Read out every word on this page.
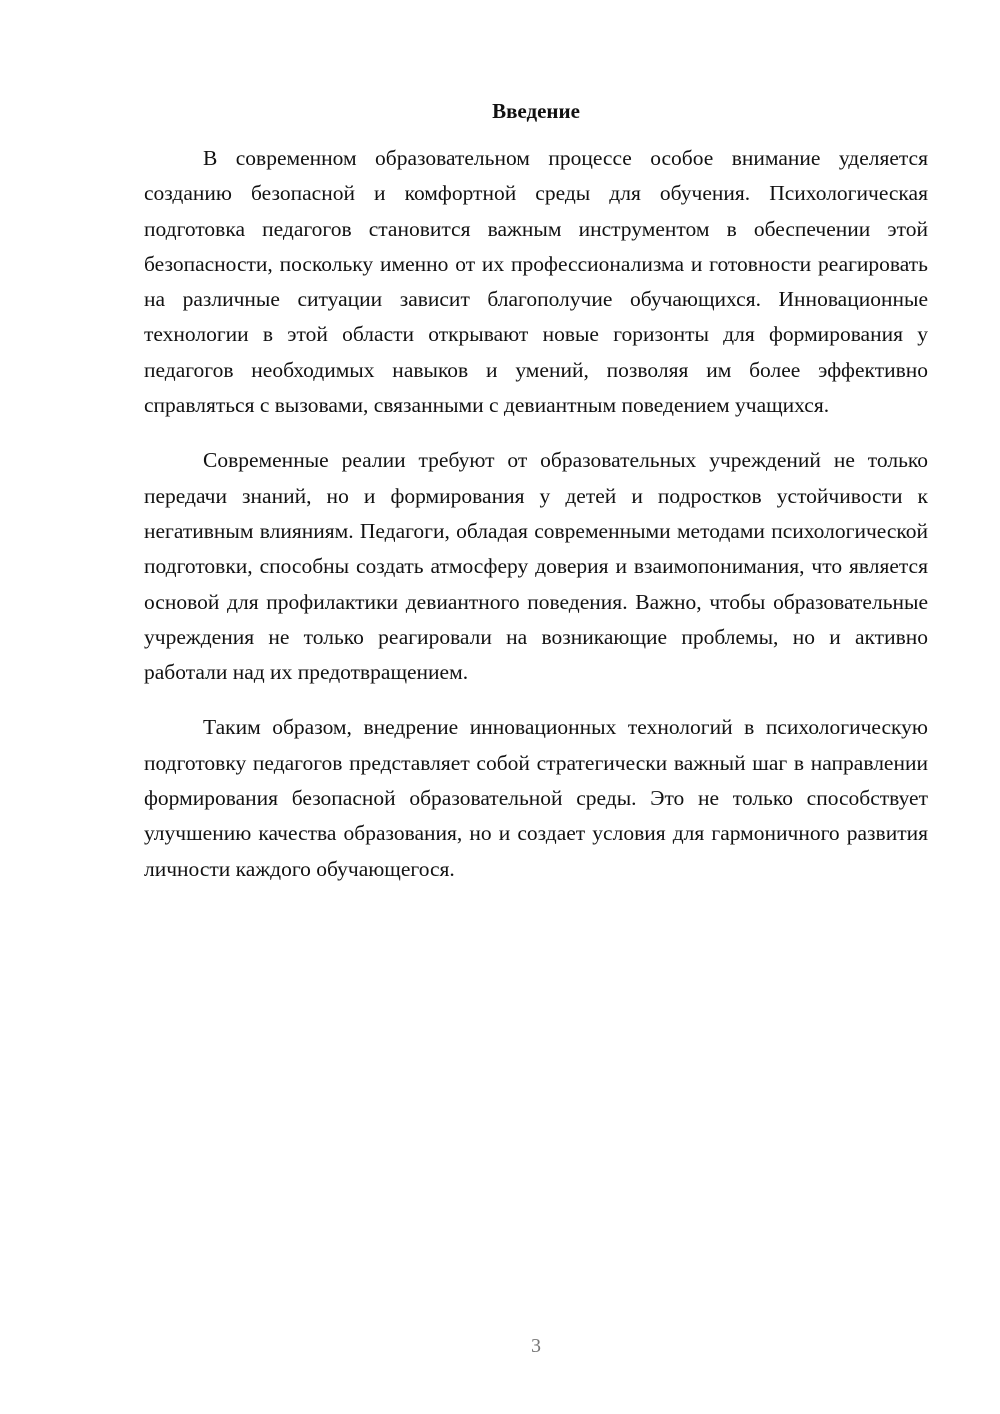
Введение

В современном образовательном процессе особое внимание уделяется созданию безопасной и комфортной среды для обучения. Психологическая подготовка педагогов становится важным инструментом в обеспечении этой безопасности, поскольку именно от их профессионализма и готовности реагировать на различные ситуации зависит благополучие обучающихся. Инновационные технологии в этой области открывают новые горизонты для формирования у педагогов необходимых навыков и умений, позволяя им более эффективно справляться с вызовами, связанными с девиантным поведением учащихся.

Современные реалии требуют от образовательных учреждений не только передачи знаний, но и формирования у детей и подростков устойчивости к негативным влияниям. Педагоги, обладая современными методами психологической подготовки, способны создать атмосферу доверия и взаимопонимания, что является основой для профилактики девиантного поведения. Важно, чтобы образовательные учреждения не только реагировали на возникающие проблемы, но и активно работали над их предотвращением.

Таким образом, внедрение инновационных технологий в психологическую подготовку педагогов представляет собой стратегически важный шаг в направлении формирования безопасной образовательной среды. Это не только способствует улучшению качества образования, но и создает условия для гармоничного развития личности каждого обучающегося.

3
